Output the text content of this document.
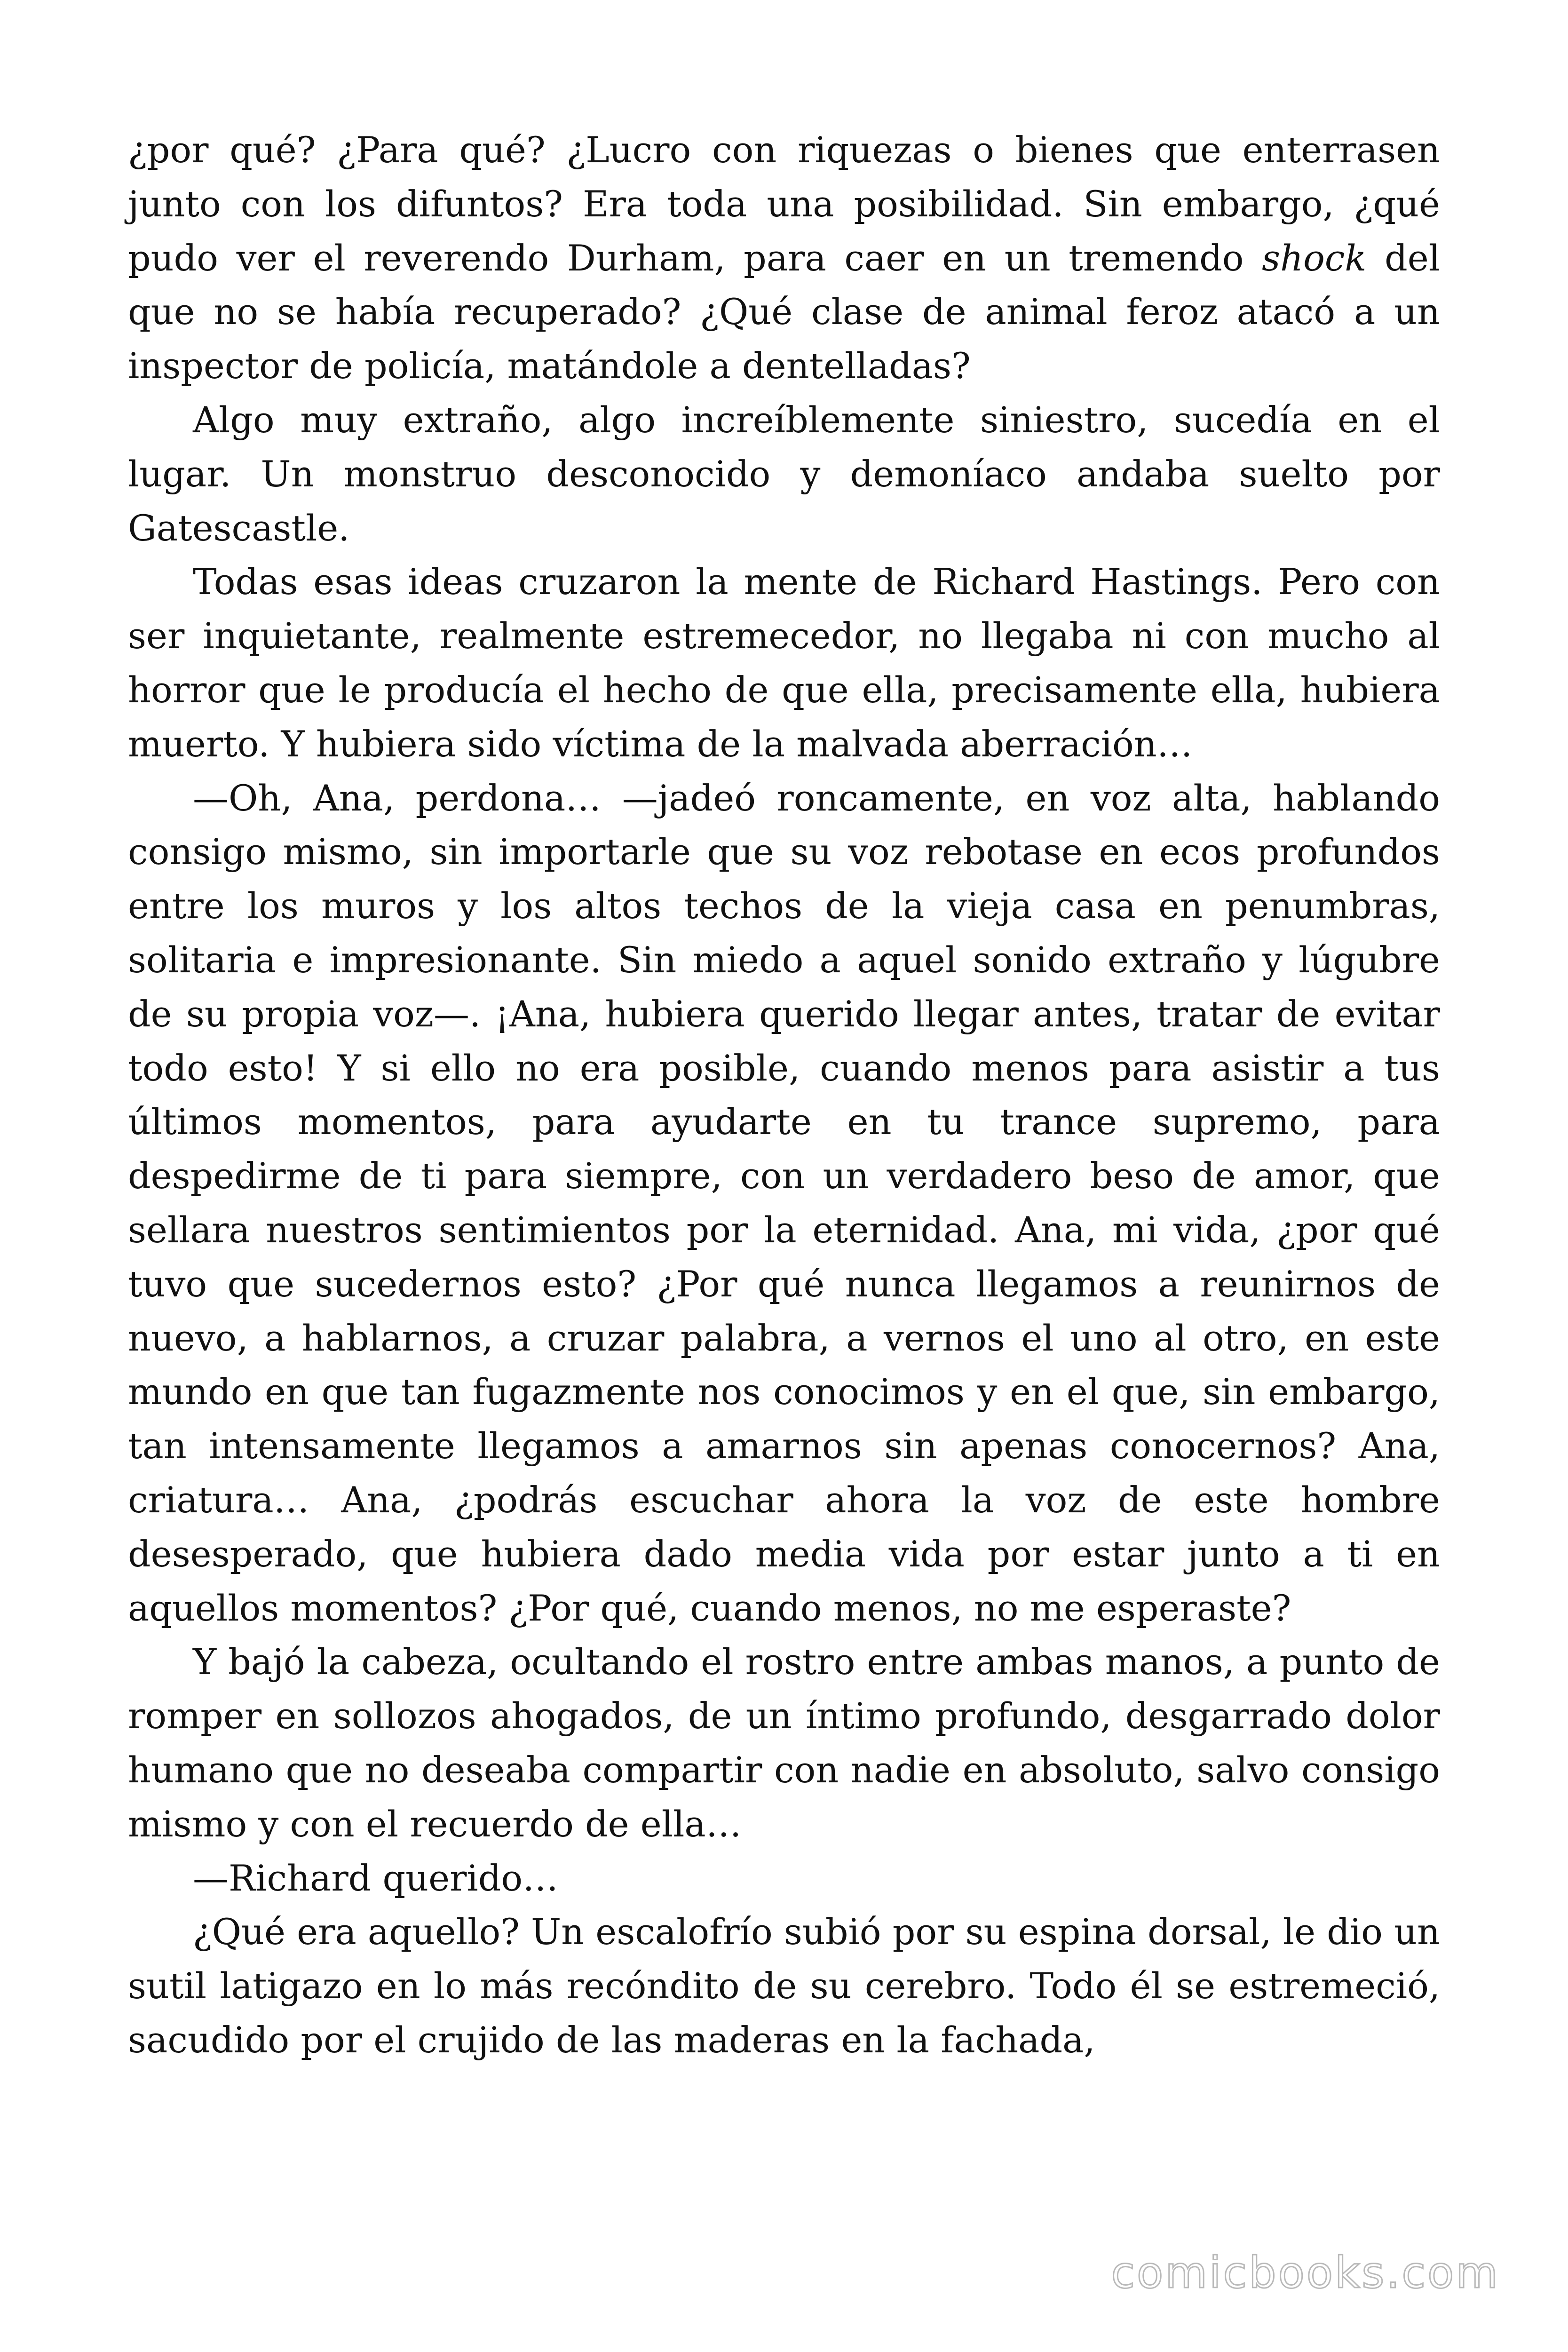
¿por qué? ¿Para qué? ¿Lucro con riquezas o bienes que enterrasen junto con los difuntos? Era toda una posibilidad. Sin embargo, ¿qué pudo ver el reverendo Durham, para caer en un tremendo shock del que no se había recuperado? ¿Qué clase de animal feroz atacó a un inspector de policía, matándole a dentelladas?

Algo muy extraño, algo increíblemente siniestro, sucedía en el lugar. Un monstruo desconocido y demoníaco andaba suelto por Gatescastle.

Todas esas ideas cruzaron la mente de Richard Hastings. Pero con ser inquietante, realmente estremecedor, no llegaba ni con mucho al horror que le producía el hecho de que ella, precisamente ella, hubiera muerto. Y hubiera sido víctima de la malvada aberración…

—Oh, Ana, perdona… —jadeó roncamente, en voz alta, hablando consigo mismo, sin importarle que su voz rebotase en ecos profundos entre los muros y los altos techos de la vieja casa en penumbras, solitaria e impresionante. Sin miedo a aquel sonido extraño y lúgubre de su propia voz—. ¡Ana, hubiera querido llegar antes, tratar de evitar todo esto! Y si ello no era posible, cuando menos para asistir a tus últimos momentos, para ayudarte en tu trance supremo, para despedirme de ti para siempre, con un verdadero beso de amor, que sellara nuestros sentimientos por la eternidad. Ana, mi vida, ¿por qué tuvo que sucedernos esto? ¿Por qué nunca llegamos a reunirnos de nuevo, a hablarnos, a cruzar palabra, a vernos el uno al otro, en este mundo en que tan fugazmente nos conocimos y en el que, sin embargo, tan intensamente llegamos a amarnos sin apenas conocernos? Ana, criatura… Ana, ¿podrás escuchar ahora la voz de este hombre desesperado, que hubiera dado media vida por estar junto a ti en aquellos momentos? ¿Por qué, cuando menos, no me esperaste?

Y bajó la cabeza, ocultando el rostro entre ambas manos, a punto de romper en sollozos ahogados, de un íntimo profundo, desgarrado dolor humano que no deseaba compartir con nadie en absoluto, salvo consigo mismo y con el recuerdo de ella…

—Richard querido…

¿Qué era aquello? Un escalofrío subió por su espina dorsal, le dio un sutil latigazo en lo más recóndito de su cerebro. Todo él se estremeció, sacudido por el crujido de las maderas en la fachada,

comicbooks.com
